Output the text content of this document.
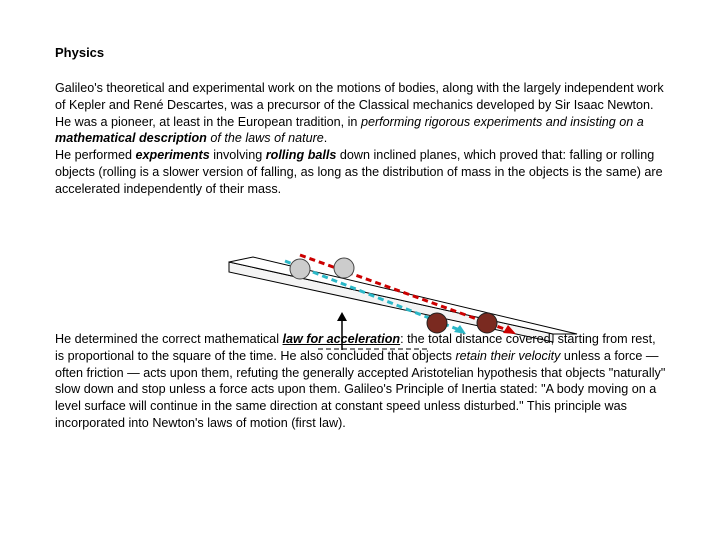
Physics

Galileo's theoretical and experimental work on the motions of bodies, along with the largely independent work of Kepler and René Descartes, was a precursor of the Classical mechanics developed by Sir Isaac Newton. He was a pioneer, at least in the European tradition, in performing rigorous experiments and insisting on a mathematical description of the laws of nature.
He performed experiments involving rolling balls down inclined planes, which proved that: falling or rolling objects (rolling is a slower version of falling, as long as the distribution of mass in the objects is the same) are accelerated independently of their mass.

He determined the correct mathematical law for acceleration: the total distance covered, starting from rest, is proportional to the square of the time. He also concluded that objects retain their velocity unless a force — often friction — acts upon them, refuting the generally accepted Aristotelian hypothesis that objects "naturally" slow down and stop unless a force acts upon them. Galileo's Principle of Inertia stated: "A body moving on a level surface will continue in the same direction at constant speed unless disturbed." This principle was incorporated into Newton's laws of motion (first law).
